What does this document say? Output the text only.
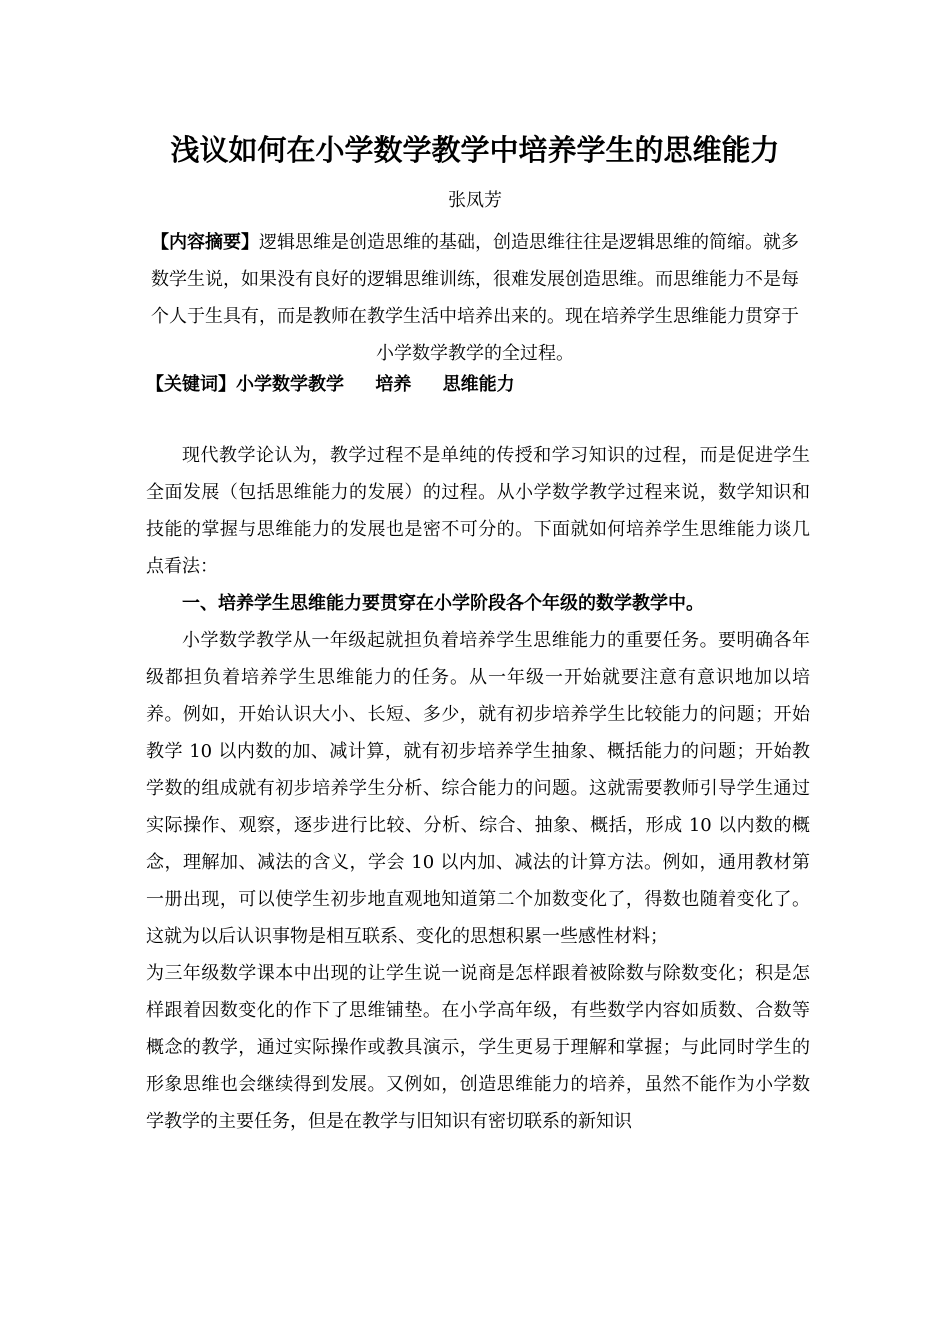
浅议如何在小学数学教学中培养学生的思维能力
张凤芳
【内容摘要】逻辑思维是创造思维的基础，创造思维往往是逻辑思维的简缩。就多数学生说，如果没有良好的逻辑思维训练，很难发展创造思维。而思维能力不是每个人于生具有，而是教师在教学生活中培养出来的。现在培养学生思维能力贯穿于小学数学教学的全过程。
【关键词】小学数学教学     培养     思维能力

现代教学论认为，教学过程不是单纯的传授和学习知识的过程，而是促进学生全面发展（包括思维能力的发展）的过程。从小学数学教学过程来说，数学知识和技能的掌握与思维能力的发展也是密不可分的。下面就如何培养学生思维能力谈几点看法：

一、培养学生思维能力要贯穿在小学阶段各个年级的数学教学中。

小学数学教学从一年级起就担负着培养学生思维能力的重要任务。要明确各年级都担负着培养学生思维能力的任务。从一年级一开始就要注意有意识地加以培养。例如，开始认识大小、长短、多少，就有初步培养学生比较能力的问题；开始教学 10 以内数的加、减计算，就有初步培养学生抽象、概括能力的问题；开始教学数的组成就有初步培养学生分析、综合能力的问题。这就需要教师引导学生通过实际操作、观察，逐步进行比较、分析、综合、抽象、概括，形成 10 以内数的概念，理解加、减法的含义，学会 10 以内加、减法的计算方法。例如，通用教材第一册出现，可以使学生初步地直观地知道第二个加数变化了，得数也随着变化了。这就为以后认识事物是相互联系、变化的思想积累一些感性材料；

为三年级数学课本中出现的让学生说一说商是怎样跟着被除数与除数变化；积是怎样跟着因数变化的作下了思维铺垫。在小学高年级，有些数学内容如质数、合数等概念的教学，通过实际操作或教具演示，学生更易于理解和掌握；与此同时学生的形象思维也会继续得到发展。又例如，创造思维能力的培养，虽然不能作为小学数学教学的主要任务，但是在教学与旧知识有密切联系的新知识
